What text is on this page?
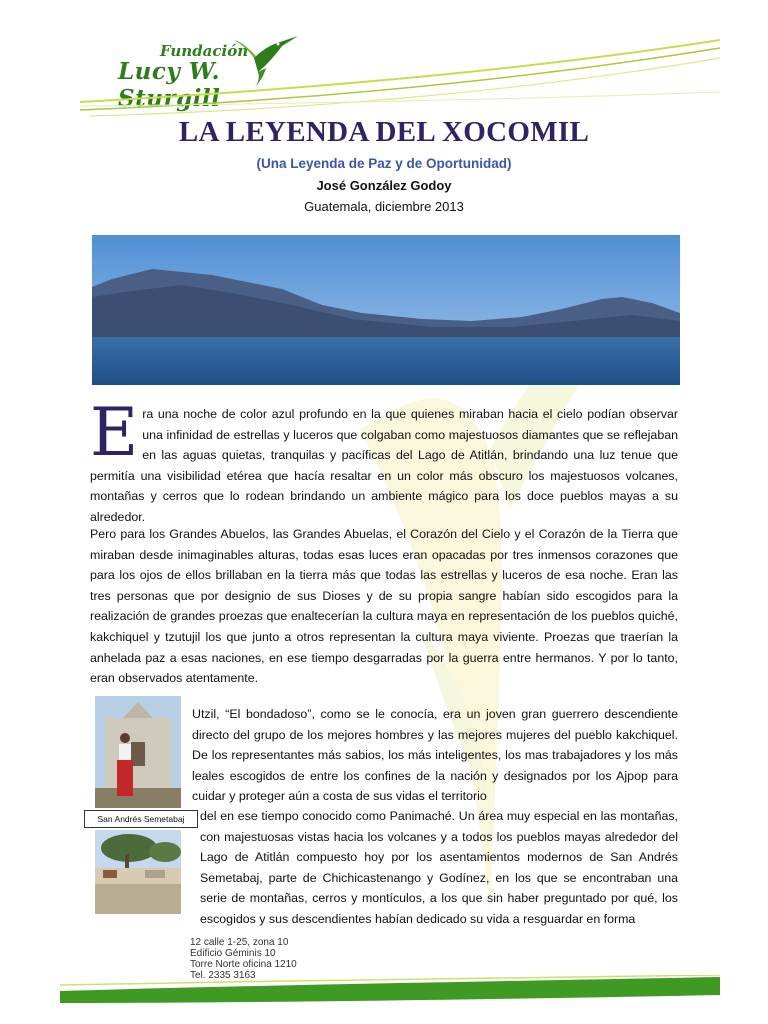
Fundación
Lucy W. Sturgill
LA LEYENDA DEL XOCOMIL
(Una Leyenda de Paz y de Oportunidad)
José González Godoy
Guatemala, diciembre 2013
E ra una noche de color azul profundo en la que quienes miraban hacia el cielo podían observar una infinidad de estrellas y luceros que colgaban como majestuosos diamantes que se reflejaban en las aguas quietas, tranquilas y pacíficas del Lago de Atitlán, brindando una luz tenue que permitía una visibilidad etérea que hacía resaltar en un color más obscuro los majestuosos volcanes, montañas y cerros que lo rodean brindando un ambiente mágico para los doce pueblos mayas a su alrededor.
Pero para los Grandes Abuelos, las Grandes Abuelas, el Corazón del Cielo y el Corazón de la Tierra que miraban desde inimaginables alturas, todas esas luces eran opacadas por tres inmensos corazones que para los ojos de ellos brillaban en la tierra más que todas las estrellas y luceros de esa noche. Eran las tres personas que por designio de sus Dioses y de su propia sangre habían sido escogidos para la realización de grandes proezas que enaltecerían la cultura maya en representación de los pueblos quiché, kakchiquel y tzutujil los que junto a otros representan la cultura maya viviente. Proezas que traerían la anhelada paz a esas naciones, en ese tiempo desgarradas por la guerra entre hermanos. Y por lo tanto, eran observados atentamente.
Utzil, “El bondadoso”, como se le conocía, era un joven gran guerrero descendiente directo del grupo de los mejores hombres y las mejores mujeres del pueblo kakchiquel. De los representantes más sabios, los más inteligentes, los mas trabajadores y los más leales escogidos de entre los confines de la nación y designados por los Ajpop para cuidar y proteger aún a costa de sus vidas el territorio
del en ese tiempo conocido como Panimaché. Un área muy especial en las montañas, con majestuosas vistas hacia los volcanes y a todos los pueblos mayas alrededor del Lago de Atitlán compuesto hoy por los asentamientos modernos de San Andrés Semetabaj, parte de Chichicastenango y Godínez, en los que se encontraban una serie de montañas, cerros y montículos, a los que sin haber preguntado por qué, los escogidos y sus descendientes habían dedicado su vida a resguardar en forma
San Andrés Semetabaj
12 calle 1-25, zona 10
Edificio Géminis 10
Torre Norte oficina 1210
Tel. 2335 3163
